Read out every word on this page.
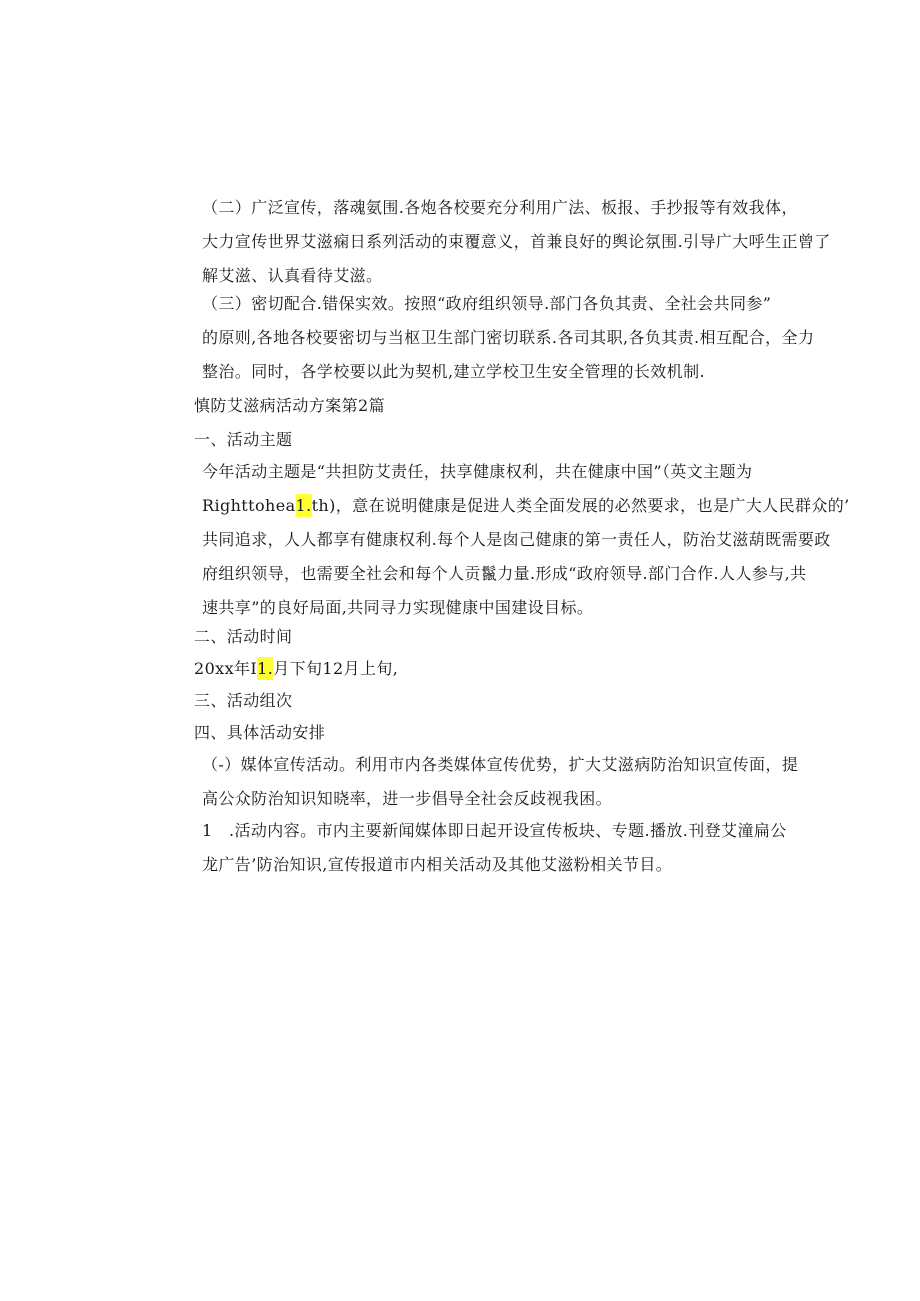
（二）广泛宣传，落魂氨围.各炮各校要充分利用广法、板报、手抄报等有效我体，
大力宣传世界艾滋痫日系列活动的束覆意义，首兼良好的舆论氛围.引导广大呼生正曾了
解艾滋、认真看待艾滋。

（三）密切配合.错保实效。按照“政府组织领导.部门各负其责、全社会共同参”
的原则,各地各校要密切与当枢卫生部门密切联系.各司其职,各负其责.相互配合，全力
整治。同时，各学校要以此为契机,建立学校卫生安全管理的长效机制.

慎防艾滋病活动方案第2篇

一、活动主题

今年活动主题是“共担防艾责任，扶享健康权利，共在健康中国”（英文主题为
Righttohea1.th)，意在说明健康是促进人类全面发展的必然要求，也是广大人民群众的’
共同追求，人人都享有健康权利.每个人是囱己健康的第一责任人，防治艾滋葫既需要政
府组织领导，也需要全社会和每个人贡鬣力量.形成“政府领导.部门合作.人人参与,共
速共享”的良好局面,共同寻力实现健康中国建设目标。

二、活动时间

20xx年I1.月下旬12月上旬,

三、活动组次

四、具体活动安排

（-）媒体宣传活动。利用市内各类媒体宣传优势，扩大艾滋病防治知识宣传面，提
高公众防治知识知晓率，进一步倡导全社会反歧视我困。

1　.活动内容。市内主要新闻媒体即日起开设宣传板块、专题.播放.刊登艾潼扁公
龙广告’防治知识,宣传报道市内相关活动及其他艾滋粉相关节目。
